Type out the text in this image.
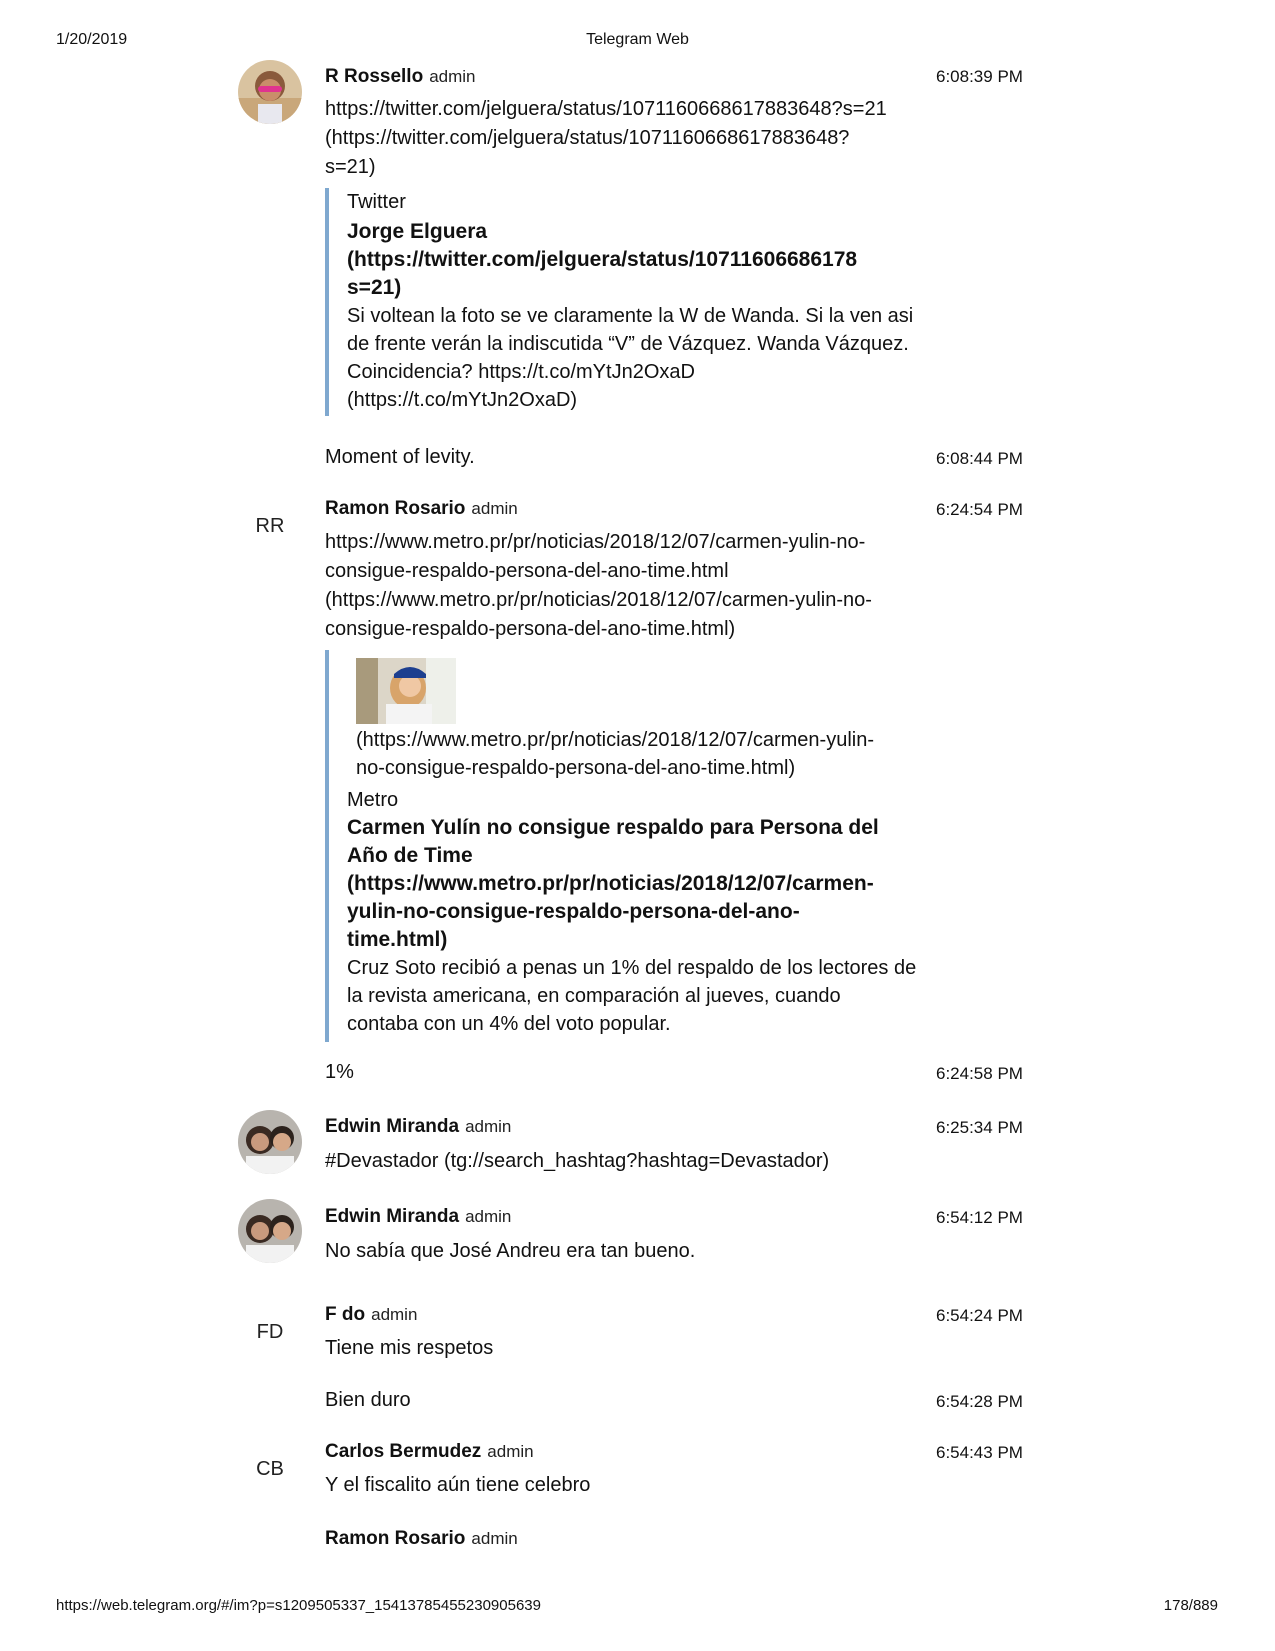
1/20/2019	Telegram Web
R Rossello admin	6:08:39 PM
https://twitter.com/jelguera/status/1071160668617883648?s=21
(https://twitter.com/jelguera/status/1071160668617883648?
s=21)
Twitter
Jorge Elguera
(https://twitter.com/jelguera/status/10711606686178
s=21)
Si voltean la foto se ve claramente la W de Wanda. Si la ven asi
de frente verán la indiscutida “V” de Vázquez. Wanda Vázquez.
Coincidencia? https://t.co/mYtJn2OxaD
(https://t.co/mYtJn2OxaD)
Moment of levity.	6:08:44 PM
RR
Ramon Rosario admin	6:24:54 PM
https://www.metro.pr/pr/noticias/2018/12/07/carmen-yulin-no-
consigue-respaldo-persona-del-ano-time.html
(https://www.metro.pr/pr/noticias/2018/12/07/carmen-yulin-no-
consigue-respaldo-persona-del-ano-time.html)
(https://www.metro.pr/pr/noticias/2018/12/07/carmen-yulin-
no-consigue-respaldo-persona-del-ano-time.html)
Metro
Carmen Yulín no consigue respaldo para Persona del
Año de Time
(https://www.metro.pr/pr/noticias/2018/12/07/carmen-
yulin-no-consigue-respaldo-persona-del-ano-
time.html)
Cruz Soto recibió a penas un 1% del respaldo de los lectores de
la revista americana, en comparación al jueves, cuando
contaba con un 4% del voto popular.
1%	6:24:58 PM
Edwin Miranda admin	6:25:34 PM
#Devastador (tg://search_hashtag?hashtag=Devastador)
Edwin Miranda admin	6:54:12 PM
No sabía que José Andreu era tan bueno.
FD
F do admin	6:54:24 PM
Tiene mis respetos
Bien duro	6:54:28 PM
CB
Carlos Bermudez admin	6:54:43 PM
Y el fiscalito aún tiene celebro
Ramon Rosario admin
https://web.telegram.org/#/im?p=s1209505337_15413785455230905639	178/889
